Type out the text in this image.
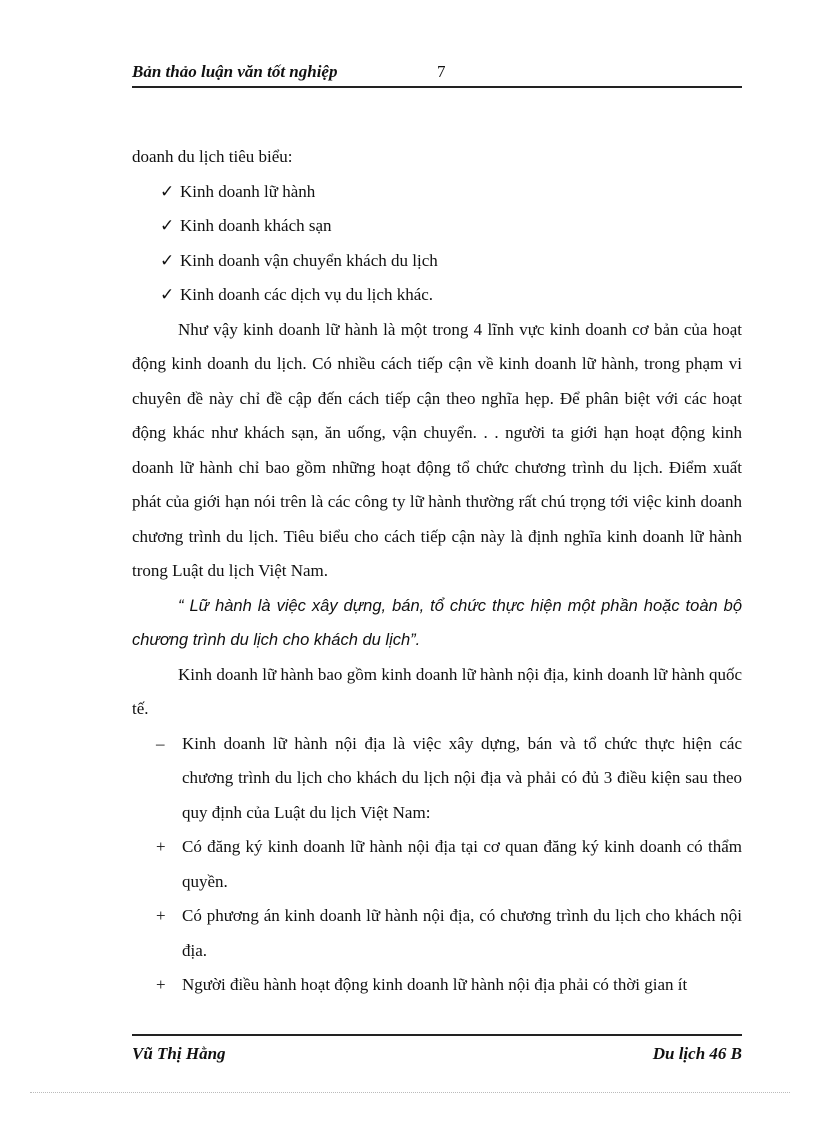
Bản thảo luận văn tốt nghiệp	7
doanh du lịch tiêu biểu:
✓ Kinh doanh lữ hành
✓ Kinh doanh khách sạn
✓ Kinh doanh vận chuyển khách du lịch
✓ Kinh doanh các dịch vụ du lịch khác.
Như vậy kinh doanh lữ hành là một trong 4 lĩnh vực kinh doanh cơ bản của hoạt động kinh doanh du lịch. Có nhiều cách tiếp cận về kinh doanh lữ hành, trong phạm vi chuyên đề này chỉ đề cập đến cách tiếp cận theo nghĩa hẹp. Để phân biệt với các hoạt động khác như khách sạn, ăn uống, vận chuyển. . . người ta giới hạn hoạt động kinh doanh lữ hành chỉ bao gồm những hoạt động tổ chức chương trình du lịch. Điểm xuất phát của giới hạn nói trên là các công ty lữ hành thường rất chú trọng tới việc kinh doanh chương trình du lịch. Tiêu biểu cho cách tiếp cận này là định nghĩa kinh doanh lữ hành trong Luật du lịch Việt Nam.
“ Lữ hành là việc xây dựng, bán, tổ chức thực hiện một phần hoặc toàn bộ chương trình du lịch cho khách du lịch”.
Kinh doanh lữ hành bao gồm kinh doanh lữ hành nội địa, kinh doanh lữ hành quốc tế.
– Kinh doanh lữ hành nội địa là việc xây dựng, bán và tổ chức thực hiện các chương trình du lịch cho khách du lịch nội địa và phải có đủ 3 điều kiện sau theo quy định của Luật du lịch Việt Nam:
+ Có đăng ký kinh doanh lữ hành nội địa tại cơ quan đăng ký kinh doanh có thẩm quyền.
+ Có phương án kinh doanh lữ hành nội địa, có chương trình du lịch cho khách nội địa.
+ Người điều hành hoạt động kinh doanh lữ hành nội địa phải có thời gian ít
Vũ Thị Hằng	Du lịch 46 B
